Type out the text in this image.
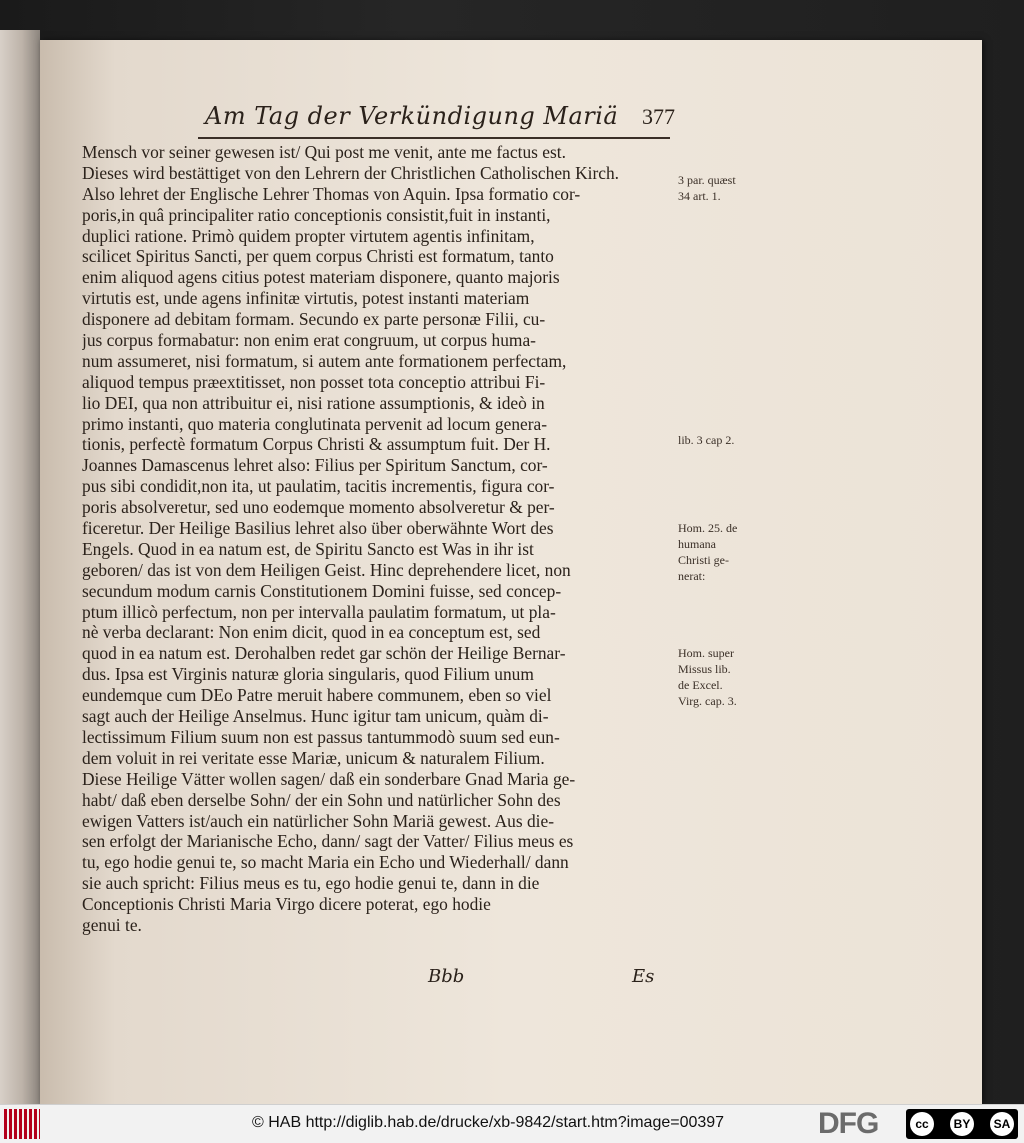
Am Tag der Verkündigung Mariä 377
Mensch vor seiner gewesen ist/ Qui post me venit, ante me factus est.
Dieses wird bestättiget von den Lehrern der Christlichen Catholischen Kirch.
Also lehret der Englische Lehrer Thomas von Aquin. Ipsa formatio cor-
poris,in quâ principaliter ratio conceptionis consistit,fuit in instanti,
duplici ratione. Primò quidem propter virtutem agentis infinitam,
scilicet Spiritus Sancti, per quem corpus Christi est formatum, tanto
enim aliquod agens citius potest materiam disponere, quanto majoris
virtutis est, unde agens infinitæ virtutis, potest instanti materiam
disponere ad debitam formam. Secundo ex parte personæ Filii, cu-
jus corpus formabatur: non enim erat congruum, ut corpus huma-
num assumeret, nisi formatum, si autem ante formationem perfectam,
aliquod tempus præextitisset, non posset tota conceptio attribui Fi-
lio DEI, qua non attribuitur ei, nisi ratione assumptionis, & ideò in
primo instanti, quo materia conglutinata pervenit ad locum genera-
tionis, perfectè formatum Corpus Christi & assumptum fuit. Der H.
Joannes Damascenus lehret also: Filius per Spiritum Sanctum, cor-
pus sibi condidit,non ita, ut paulatim, tacitis incrementis, figura cor-
poris absolveretur, sed uno eodemque momento absolveretur & per-
ficeretur. Der Heilige Basilius lehret also über oberwähnte Wort des
Engels. Quod in ea natum est, de Spiritu Sancto est Was in ihr ist
geboren/ das ist von dem Heiligen Geist. Hinc deprehendere licet, non
secundum modum carnis Constitutionem Domini fuisse, sed concep-
ptum illicò perfectum, non per intervalla paulatim formatum, ut pla-
nè verba declarant: Non enim dicit, quod in ea conceptum est, sed
quod in ea natum est. Derohalben redet gar schön der Heilige Bernar-
dus. Ipsa est Virginis naturæ gloria singularis, quod Filium unum
eundemque cum DEo Patre meruit habere communem, eben so viel
sagt auch der Heilige Anselmus. Hunc igitur tam unicum, quàm di-
lectissimum Filium suum non est passus tantummodò suum sed eun-
dem voluit in rei veritate esse Mariæ, unicum & naturalem Filium.
Diese Heilige Vätter wollen sagen/ daß ein sonderbare Gnad Maria ge-
habt/ daß eben derselbe Sohn/ der ein Sohn und natürlicher Sohn des
ewigen Vatters ist/auch ein natürlicher Sohn Mariä gewest. Aus die-
sen erfolgt der Marianische Echo, dann/ sagt der Vatter/ Filius meus es
tu, ego hodie genui te, so macht Maria ein Echo und Wiederhall/ dann
sie auch spricht: Filius meus es tu, ego hodie genui te, dann in die
Conceptionis Christi Maria Virgo dicere poterat, ego hodie
genui te.
3 par. quæst
34 art. 1.
lib. 3 cap 2.
Hom. 25. de
humana
Christi ge-
nerat:
Hom. super
Missus lib.
de Excel.
Virg. cap. 3.
Bbb	Es
© HAB http://diglib.hab.de/drucke/xb-9842/start.htm?image=00397	DFG	cc	BY	SA
